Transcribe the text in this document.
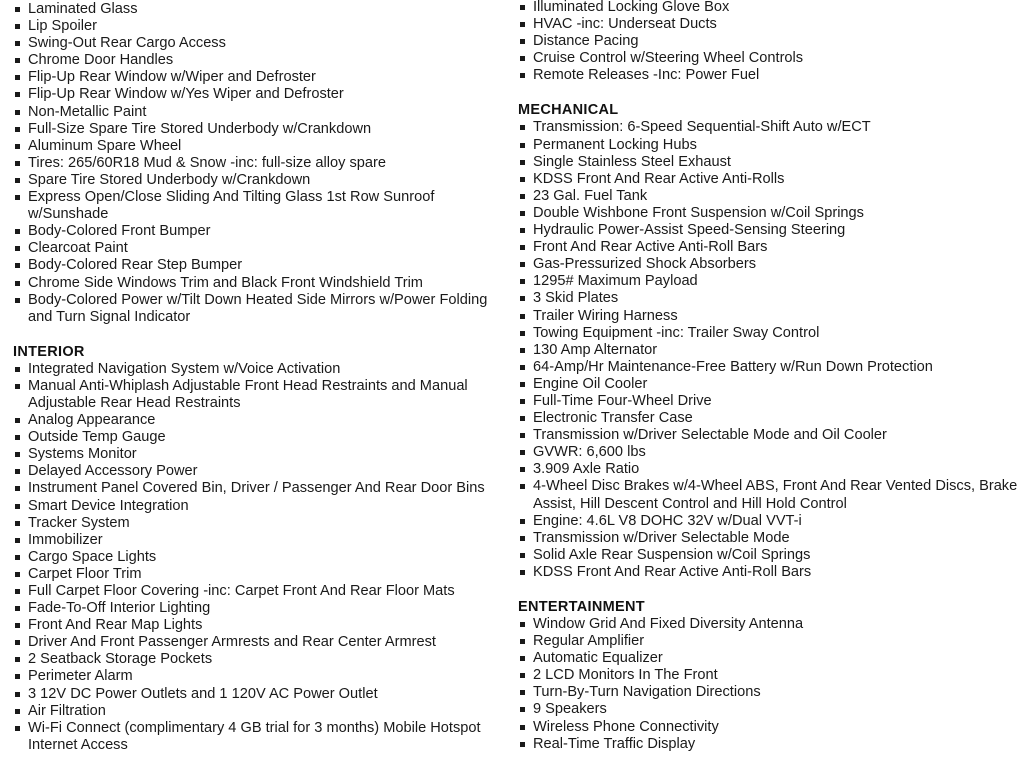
Laminated Glass
Lip Spoiler
Swing-Out Rear Cargo Access
Chrome Door Handles
Flip-Up Rear Window w/Wiper and Defroster
Flip-Up Rear Window w/Yes Wiper and Defroster
Non-Metallic Paint
Full-Size Spare Tire Stored Underbody w/Crankdown
Aluminum Spare Wheel
Tires: 265/60R18 Mud & Snow -inc: full-size alloy spare
Spare Tire Stored Underbody w/Crankdown
Express Open/Close Sliding And Tilting Glass 1st Row Sunroof w/Sunshade
Body-Colored Front Bumper
Clearcoat Paint
Body-Colored Rear Step Bumper
Chrome Side Windows Trim and Black Front Windshield Trim
Body-Colored Power w/Tilt Down Heated Side Mirrors w/Power Folding and Turn Signal Indicator
INTERIOR
Integrated Navigation System w/Voice Activation
Manual Anti-Whiplash Adjustable Front Head Restraints and Manual Adjustable Rear Head Restraints
Analog Appearance
Outside Temp Gauge
Systems Monitor
Delayed Accessory Power
Instrument Panel Covered Bin, Driver / Passenger And Rear Door Bins
Smart Device Integration
Tracker System
Immobilizer
Cargo Space Lights
Carpet Floor Trim
Full Carpet Floor Covering -inc: Carpet Front And Rear Floor Mats
Fade-To-Off Interior Lighting
Front And Rear Map Lights
Driver And Front Passenger Armrests and Rear Center Armrest
2 Seatback Storage Pockets
Perimeter Alarm
3 12V DC Power Outlets and 1 120V AC Power Outlet
Air Filtration
Wi-Fi Connect (complimentary 4 GB trial for 3 months) Mobile Hotspot Internet Access
Illuminated Locking Glove Box
HVAC -inc: Underseat Ducts
Distance Pacing
Cruise Control w/Steering Wheel Controls
Remote Releases -Inc: Power Fuel
MECHANICAL
Transmission: 6-Speed Sequential-Shift Auto w/ECT
Permanent Locking Hubs
Single Stainless Steel Exhaust
KDSS Front And Rear Active Anti-Rolls
23 Gal. Fuel Tank
Double Wishbone Front Suspension w/Coil Springs
Hydraulic Power-Assist Speed-Sensing Steering
Front And Rear Active Anti-Roll Bars
Gas-Pressurized Shock Absorbers
1295# Maximum Payload
3 Skid Plates
Trailer Wiring Harness
Towing Equipment -inc: Trailer Sway Control
130 Amp Alternator
64-Amp/Hr Maintenance-Free Battery w/Run Down Protection
Engine Oil Cooler
Full-Time Four-Wheel Drive
Electronic Transfer Case
Transmission w/Driver Selectable Mode and Oil Cooler
GVWR: 6,600 lbs
3.909 Axle Ratio
4-Wheel Disc Brakes w/4-Wheel ABS, Front And Rear Vented Discs, Brake Assist, Hill Descent Control and Hill Hold Control
Engine: 4.6L V8 DOHC 32V w/Dual VVT-i
Transmission w/Driver Selectable Mode
Solid Axle Rear Suspension w/Coil Springs
KDSS Front And Rear Active Anti-Roll Bars
ENTERTAINMENT
Window Grid And Fixed Diversity Antenna
Regular Amplifier
Automatic Equalizer
2 LCD Monitors In The Front
Turn-By-Turn Navigation Directions
9 Speakers
Wireless Phone Connectivity
Real-Time Traffic Display
